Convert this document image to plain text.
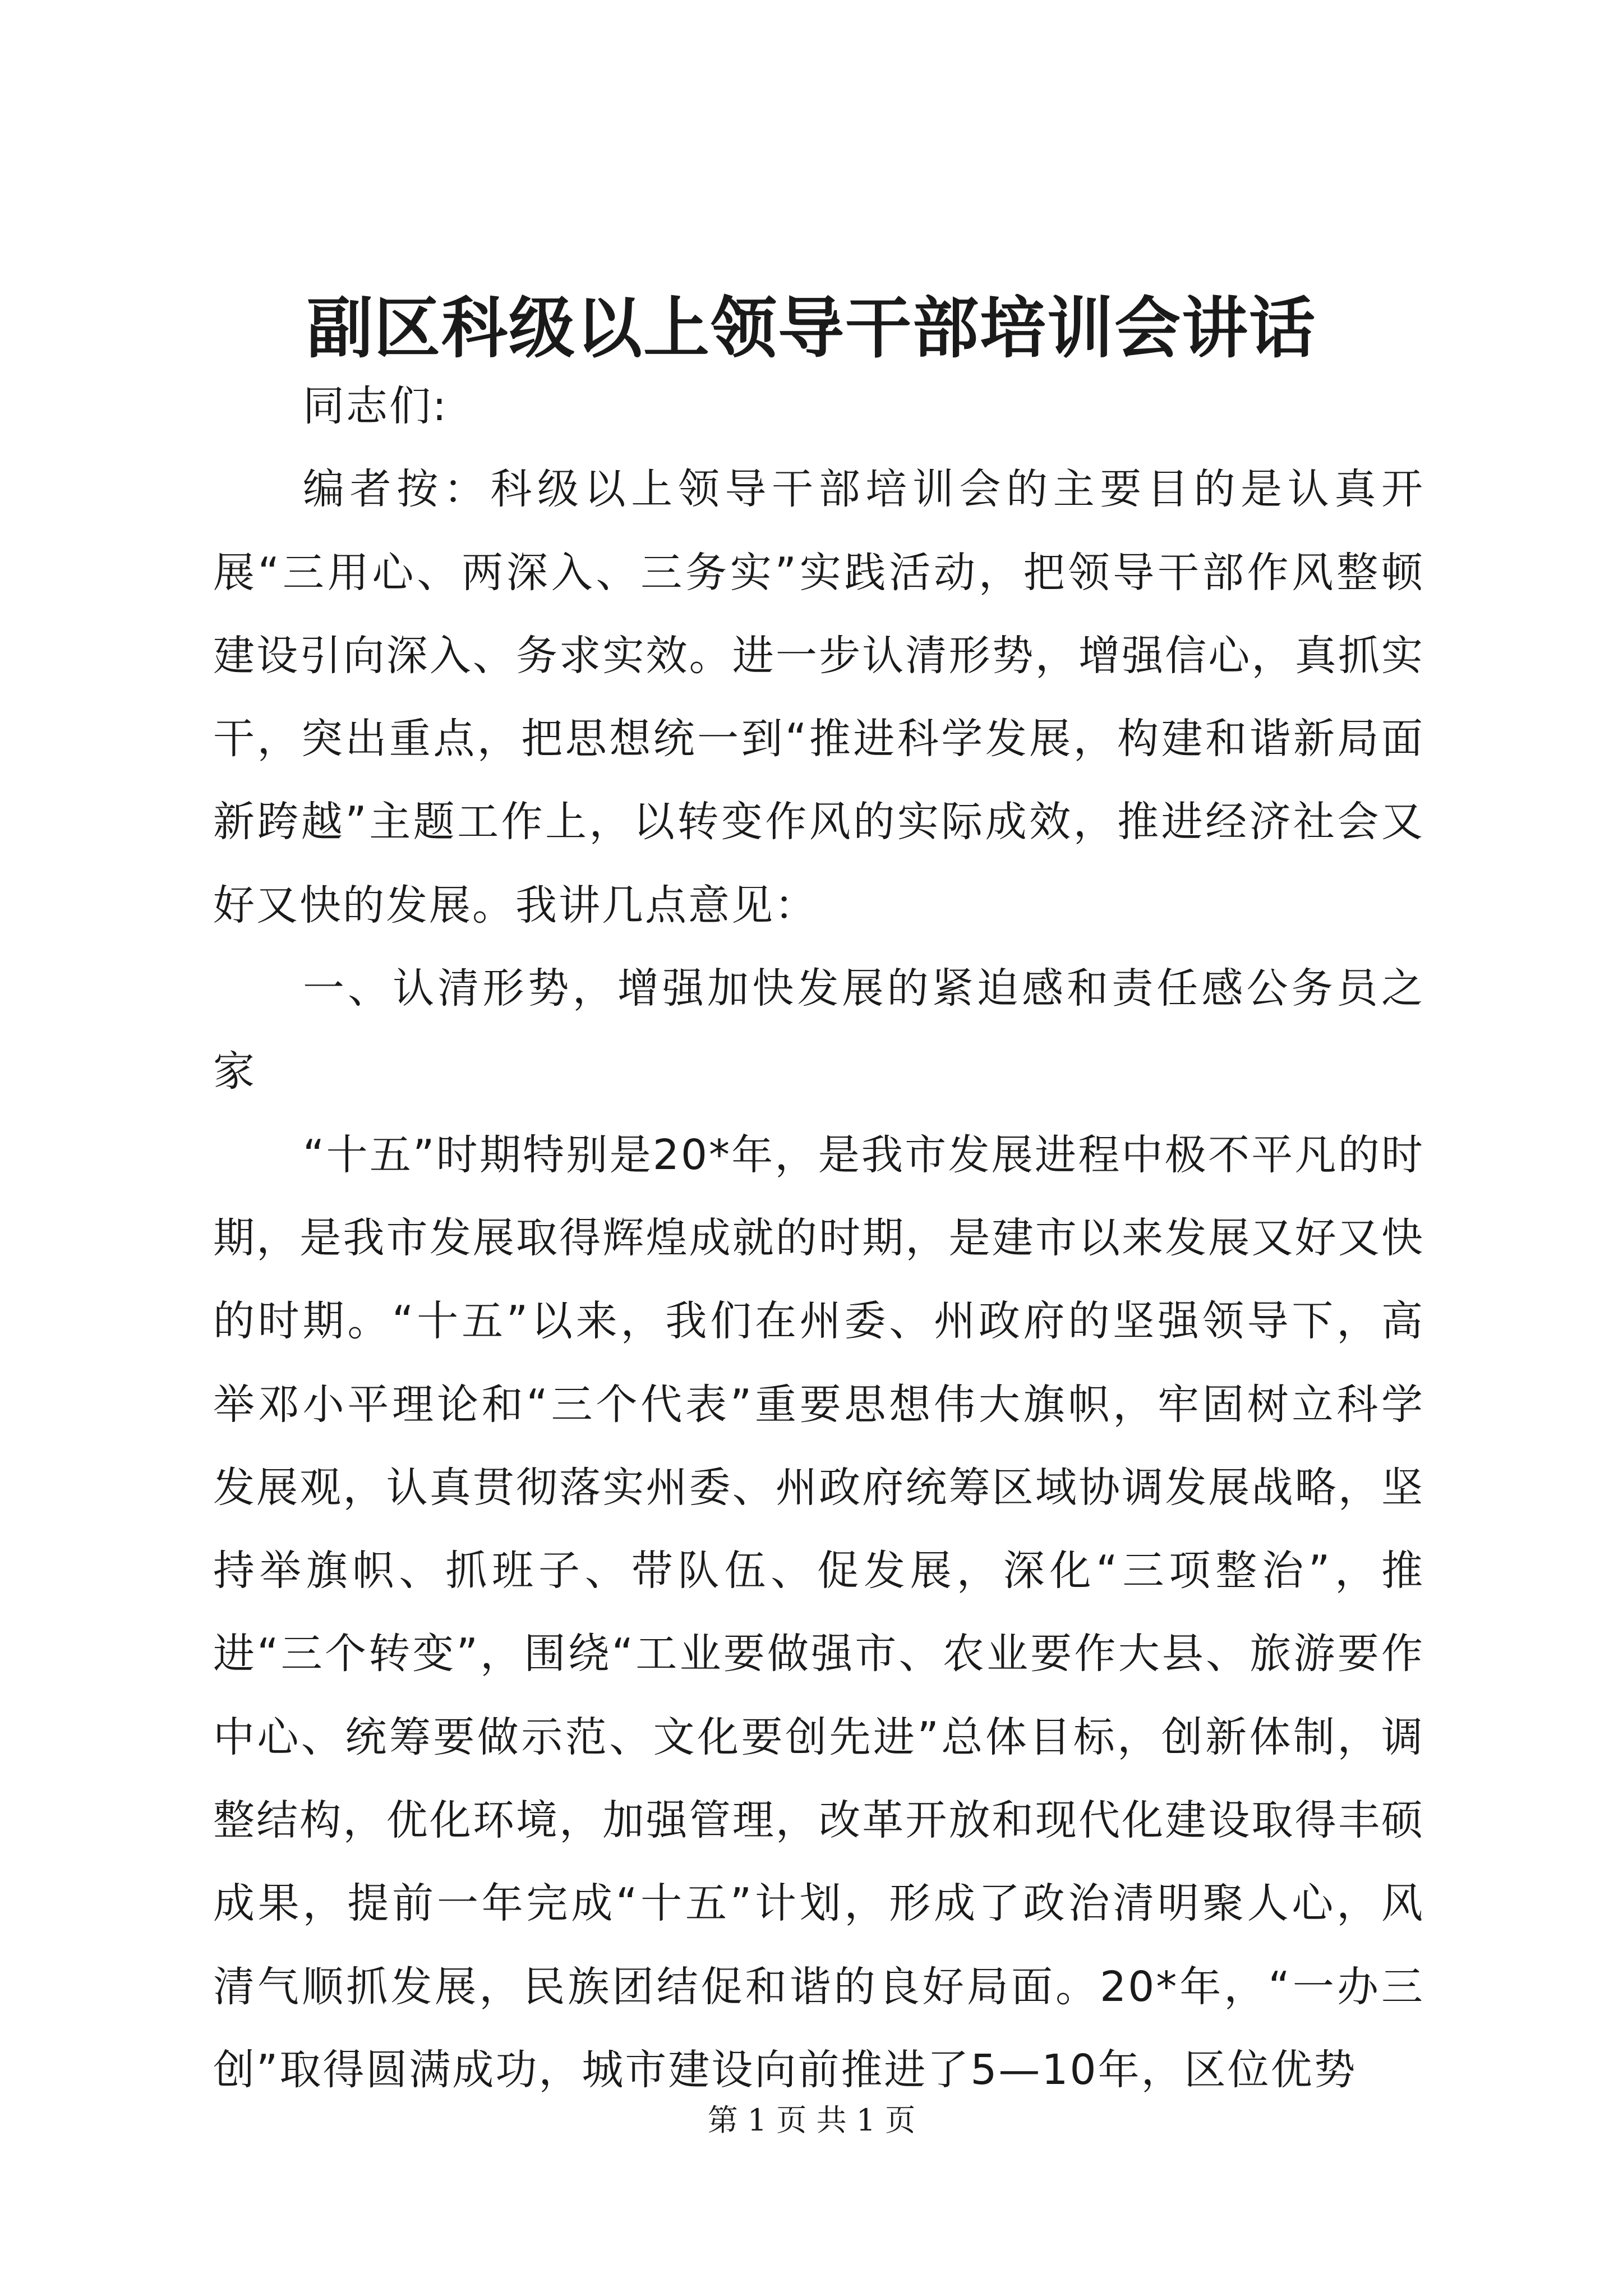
副区科级以上领导干部培训会讲话

同志们:

编者按：科级以上领导干部培训会的主要目的是认真开展“三用心、两深入、三务实”实践活动，把领导干部作风整顿建设引向深入、务求实效。进一步认清形势，增强信心，真抓实干，突出重点，把思想统一到“推进科学发展，构建和谐新局面新跨越”主题工作上，以转变作风的实际成效，推进经济社会又好又快的发展。我讲几点意见：

一、认清形势，增强加快发展的紧迫感和责任感公务员之家

“十五”时期特别是20*年，是我市发展进程中极不平凡的时期，是我市发展取得辉煌成就的时期，是建市以来发展又好又快的时期。“十五”以来，我们在州委、州政府的坚强领导下，高举邓小平理论和“三个代表”重要思想伟大旗帜，牢固树立科学发展观，认真贯彻落实州委、州政府统筹区域协调发展战略，坚持举旗帜、抓班子、带队伍、促发展，深化“三项整治”，推进“三个转变”，围绕“工业要做强市、农业要作大县、旅游要作中心、统筹要做示范、文化要创先进”总体目标，创新体制，调整结构，优化环境，加强管理，改革开放和现代化建设取得丰硕成果，提前一年完成“十五”计划，形成了政治清明聚人心，风清气顺抓发展，民族团结促和谐的良好局面。20*年，“一办三创”取得圆满成功，城市建设向前推进了5—10年，区位优势

第 1 页 共 1 页
